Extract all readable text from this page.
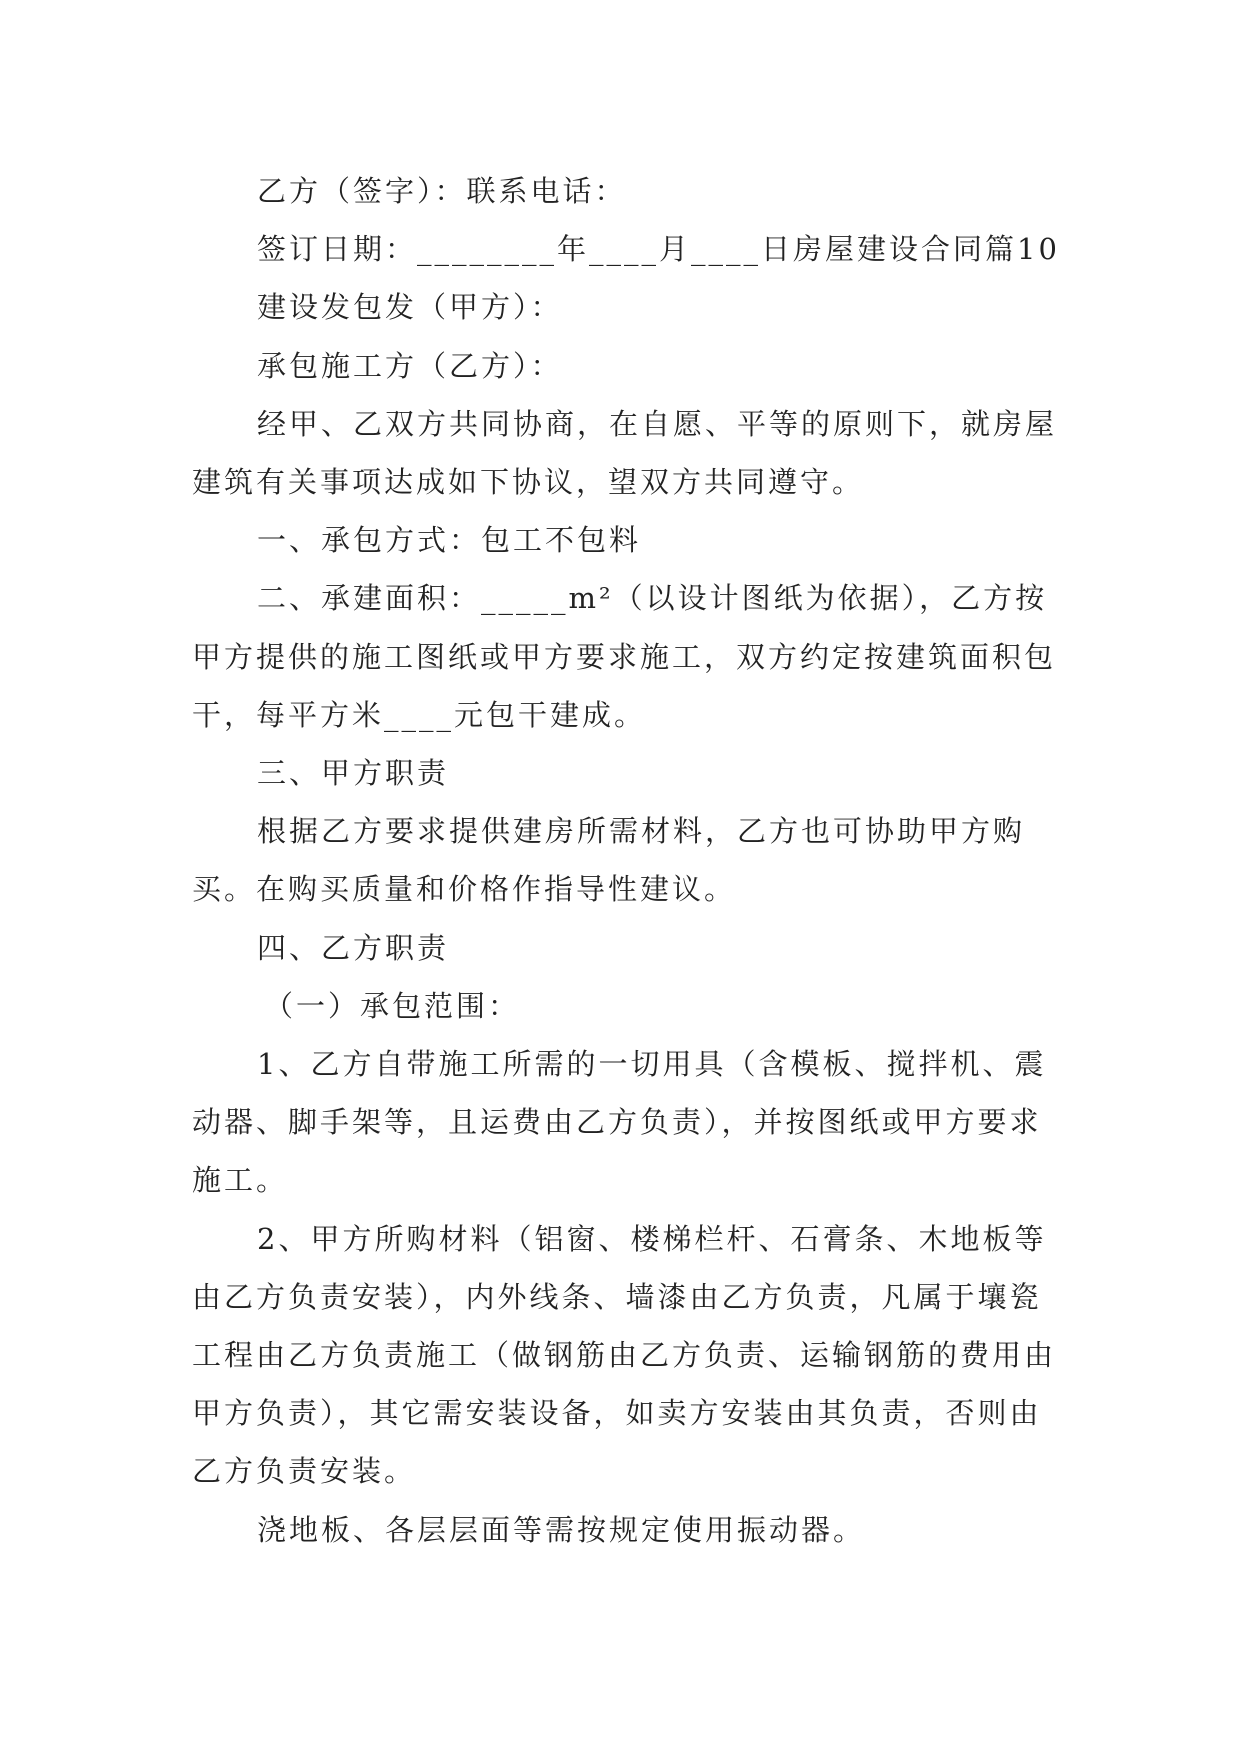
乙方（签字）：联系电话：

签订日期：________年____月____日房屋建设合同篇10

建设发包发（甲方）：

承包施工方（乙方）：

经甲、乙双方共同协商，在自愿、平等的原则下，就房屋建筑有关事项达成如下协议，望双方共同遵守。

一、承包方式：包工不包料

二、承建面积：_____m²（以设计图纸为依据），乙方按甲方提供的施工图纸或甲方要求施工，双方约定按建筑面积包干，每平方米____元包干建成。

三、甲方职责

根据乙方要求提供建房所需材料，乙方也可协助甲方购买。在购买质量和价格作指导性建议。

四、乙方职责

（一）承包范围：

1、乙方自带施工所需的一切用具（含模板、搅拌机、震动器、脚手架等，且运费由乙方负责），并按图纸或甲方要求施工。

2、甲方所购材料（铝窗、楼梯栏杆、石膏条、木地板等由乙方负责安装），内外线条、墙漆由乙方负责，凡属于壤瓷工程由乙方负责施工（做钢筋由乙方负责、运输钢筋的费用由甲方负责），其它需安装设备，如卖方安装由其负责，否则由乙方负责安装。

浇地板、各层层面等需按规定使用振动器。
